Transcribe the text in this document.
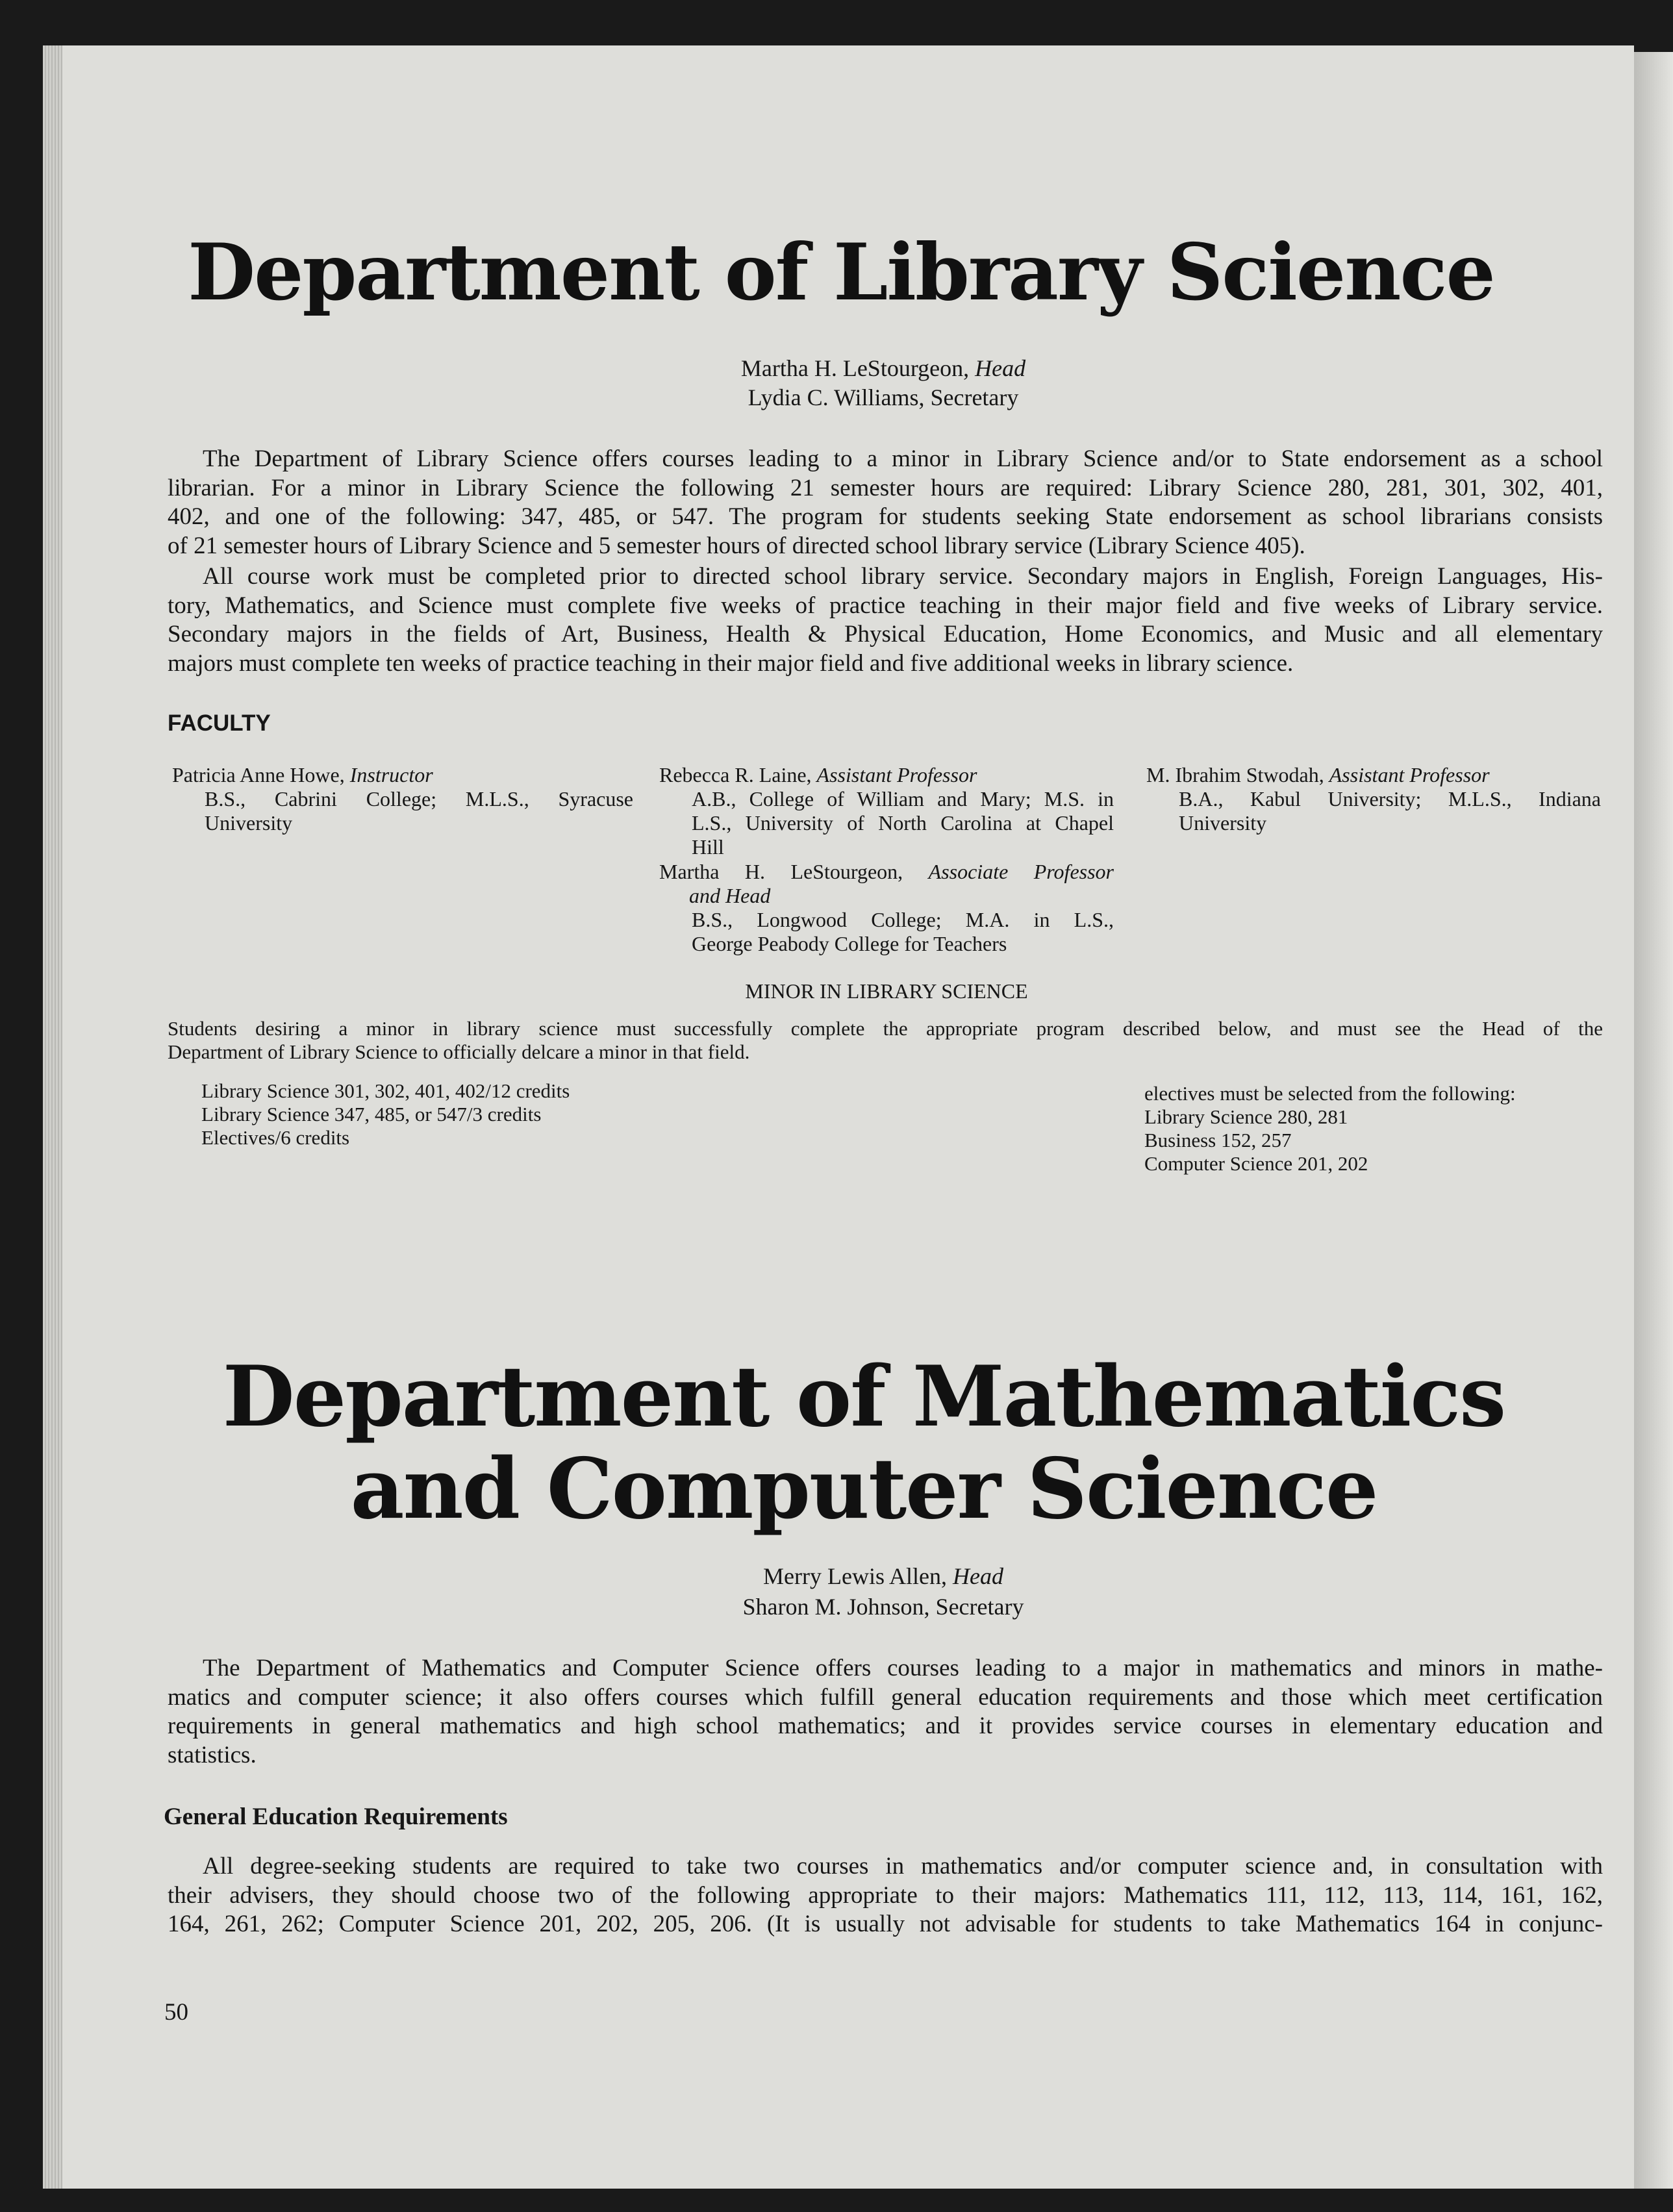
Department of Library Science
Martha H. LeStourgeon, Head
Lydia C. Williams, Secretary
The Department of Library Science offers courses leading to a minor in Library Science and/or to State endorsement as a school
librarian. For a minor in Library Science the following 21 semester hours are required: Library Science 280, 281, 301, 302, 401,
402, and one of the following: 347, 485, or 547. The program for students seeking State endorsement as school librarians consists
of 21 semester hours of Library Science and 5 semester hours of directed school library service (Library Science 405).
All course work must be completed prior to directed school library service. Secondary majors in English, Foreign Languages, His-
tory, Mathematics, and Science must complete five weeks of practice teaching in their major field and five weeks of Library service.
Secondary majors in the fields of Art, Business, Health & Physical Education, Home Economics, and Music and all elementary
majors must complete ten weeks of practice teaching in their major field and five additional weeks in library science.
FACULTY
Patricia Anne Howe, Instructor
B.S., Cabrini College; M.L.S., Syracuse
University
Rebecca R. Laine, Assistant Professor
A.B., College of William and Mary; M.S. in
L.S., University of North Carolina at Chapel
Hill
Martha H. LeStourgeon, Associate Professor
and Head
B.S., Longwood College; M.A. in L.S.,
George Peabody College for Teachers
M. Ibrahim Stwodah, Assistant Professor
B.A., Kabul University; M.L.S., Indiana
University
MINOR IN LIBRARY SCIENCE
Students desiring a minor in library science must successfully complete the appropriate program described below, and must see the Head of the
Department of Library Science to officially delcare a minor in that field.
Library Science 301, 302, 401, 402/12 credits
Library Science 347, 485, or 547/3 credits
Electives/6 credits
electives must be selected from the following:
Library Science 280, 281
Business 152, 257
Computer Science 201, 202
Department of Mathematics
and Computer Science
Merry Lewis Allen, Head
Sharon M. Johnson, Secretary
The Department of Mathematics and Computer Science offers courses leading to a major in mathematics and minors in mathe-
matics and computer science; it also offers courses which fulfill general education requirements and those which meet certification
requirements in general mathematics and high school mathematics; and it provides service courses in elementary education and
statistics.
General Education Requirements
All degree-seeking students are required to take two courses in mathematics and/or computer science and, in consultation with
their advisers, they should choose two of the following appropriate to their majors: Mathematics 111, 112, 113, 114, 161, 162,
164, 261, 262; Computer Science 201, 202, 205, 206. (It is usually not advisable for students to take Mathematics 164 in conjunc-
50
